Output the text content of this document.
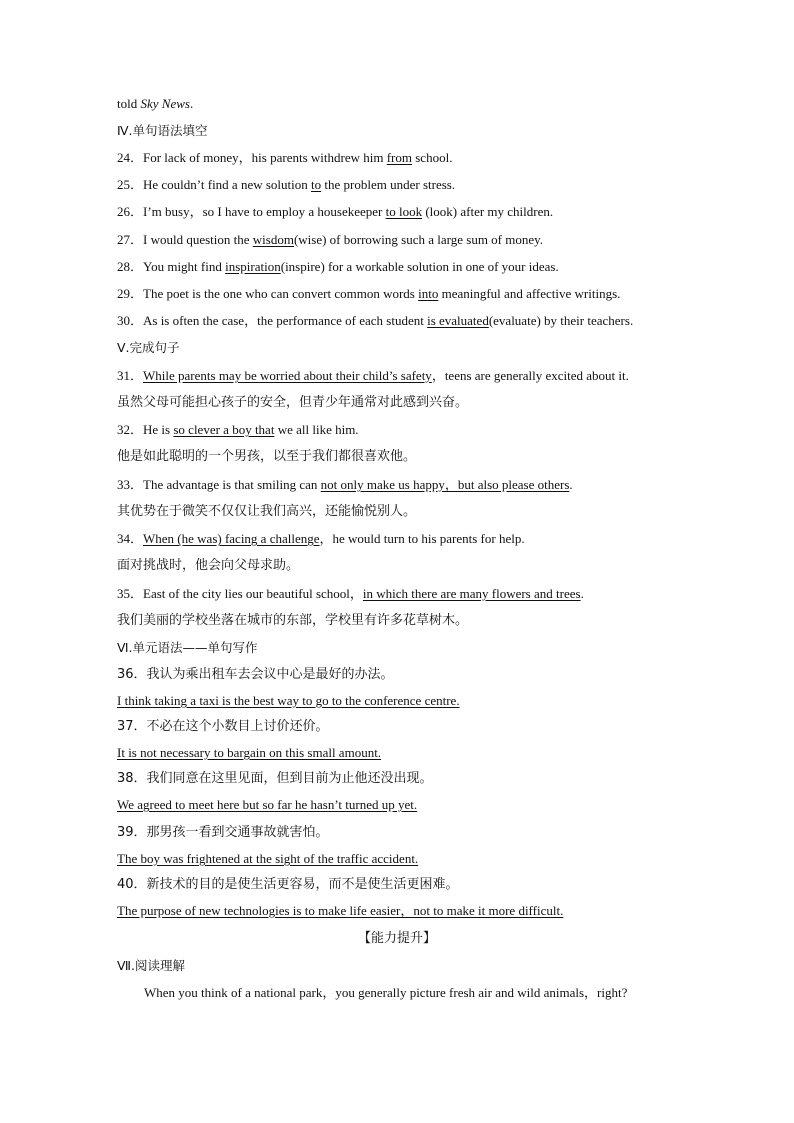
told Sky News.
Ⅳ.单句语法填空
24．For lack of money，his parents withdrew him from school.
25．He couldn’t find a new solution to the problem under stress.
26．I’m busy，so I have to employ a housekeeper to look (look) after my children.
27．I would question the wisdom(wise) of borrowing such a large sum of money.
28．You might find inspiration(inspire) for a workable solution in one of your ideas.
29．The poet is the one who can convert common words into meaningful and affective writings.
30．As is often the case，the performance of each student is evaluated(evaluate) by their teachers.
Ⅴ.完成句子
31．While parents may be worried about their child’s safety，teens are generally excited about it.
虽然父母可能担心孩子的安全，但青少年通常对此感到兴奋。
32．He is so clever a boy that we all like him.
他是如此聪明的一个男孩，以至于我们都很喜欢他。
33．The advantage is that smiling can not only make us happy，but also please others.
其优势在于微笑不仅仅让我们高兴，还能愉悦别人。
34．When (he was) facing a challenge，he would turn to his parents for help.
面对挑战时，他会向父母求助。
35．East of the city lies our beautiful school，in which there are many flowers and trees.
我们美丽的学校坐落在城市的东部，学校里有许多花草树木。
Ⅵ.单元语法——单句写作
36．我认为乘出租车去会议中心是最好的办法。
I think taking a taxi is the best way to go to the conference centre.
37．不必在这个小数目上讨价还价。
It is not necessary to bargain on this small amount.
38．我们同意在这里见面，但到目前为止他还没出现。
We agreed to meet here but so far he hasn’t turned up yet.
39．那男孩一看到交通事故就害怕。
The boy was frightened at the sight of the traffic accident.
40．新技术的目的是使生活更容易，而不是使生活更困难。
The purpose of new technologies is to make life easier，not to make it more difficult.
【能力提升】
Ⅶ.阅读理解
When you think of a national park，you generally picture fresh air and wild animals，right?
